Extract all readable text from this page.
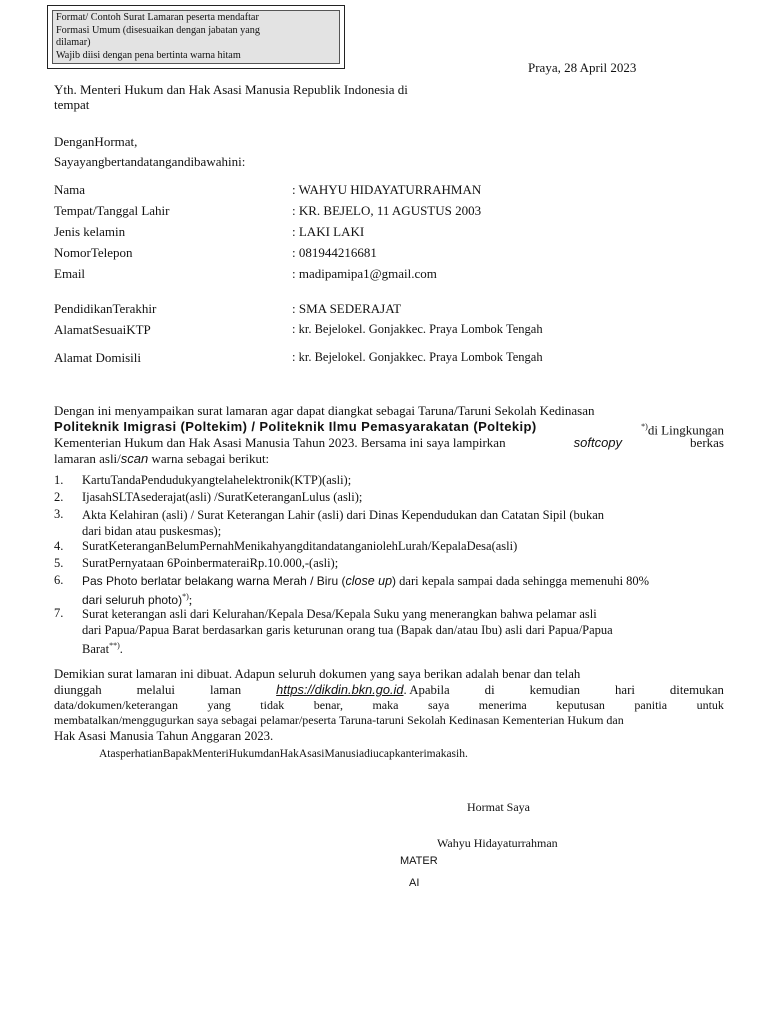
Format/ Contoh Surat Lamaran peserta mendaftar
Formasi Umum (disesuaikan dengan jabatan yang
dilamar)
Wajib diisi dengan pena bertinta warna hitam
Praya, 28 April 2023
Yth. Menteri Hukum dan Hak Asasi Manusia Republik Indonesia di
tempat
DenganHormat,
Sayayangbertandatangandibawahini:
Nama	: WAHYU HIDAYATURRAHMAN
Tempat/Tanggal Lahir	: KR. BEJELO, 11 AGUSTUS 2003
Jenis kelamin	: LAKI LAKI
NomorTelepon	: 081944216681
Email	: madipamipa1@gmail.com
PendidikanTerakhir	: SMA SEDERAJAT
AlamatSesuaiKTP	: kr. Bejelokel. Gonjakkec. Praya Lombok Tengah
Alamat Domisili	: kr. Bejelokel. Gonjakkec. Praya Lombok Tengah
Dengan ini menyampaikan surat lamaran agar dapat diangkat sebagai Taruna/Taruni Sekolah Kedinasan
Politeknik Imigrasi (Poltekim) / Politeknik Ilmu Pemasyarakatan (Poltekip)	*)di Lingkungan
Kementerian Hukum dan Hak Asasi Manusia Tahun 2023. Bersama ini saya lampirkan	softcopy	berkas
lamaran asli/scan warna sebagai berikut:
1. KartuTandaPendudukyangtelahelektronik(KTP)(asli);
2. IjasahSLTAsederajat(asli) /SuratKeteranganLulus (asli);
3. Akta Kelahiran (asli) / Surat Keterangan Lahir (asli) dari Dinas Kependudukan dan Catatan Sipil (bukan
dari bidan atau puskesmas);
4. SuratKeteranganBelumPernahMenikahyangditandatanganiolehLurah/KepalaDesa(asli)
5. SuratPernyataan 6PoinbermateraiRp.10.000,-(asli);
6. Pas Photo berlatar belakang warna Merah / Biru (close up) dari kepala sampai dada sehingga memenuhi 80%
dari seluruh photo)*);
7. Surat keterangan asli dari Kelurahan/Kepala Desa/Kepala Suku yang menerangkan bahwa pelamar asli
dari Papua/Papua Barat berdasarkan garis keturunan orang tua (Bapak dan/atau Ibu) asli dari Papua/Papua
Barat**).
Demikian surat lamaran ini dibuat. Adapun seluruh dokumen yang saya berikan adalah benar dan telah
diunggah	melalui	laman	https://dikdin.bkn.go.id. Apabila	di	kemudian	hari	ditemukan
data/dokumen/keterangan yang tidak benar, maka saya menerima keputusan panitia untuk
membatalkan/menggugurkan saya sebagai pelamar/peserta Taruna-taruni Sekolah Kedinasan Kementerian Hukum dan
Hak Asasi Manusia Tahun Anggaran 2023.
AtasperhatianBapakMenteriHukumdanHakAsasiManusiadiucapkanterimakasih.
Hormat Saya
Wahyu Hidayaturrahman
MATER
AI
